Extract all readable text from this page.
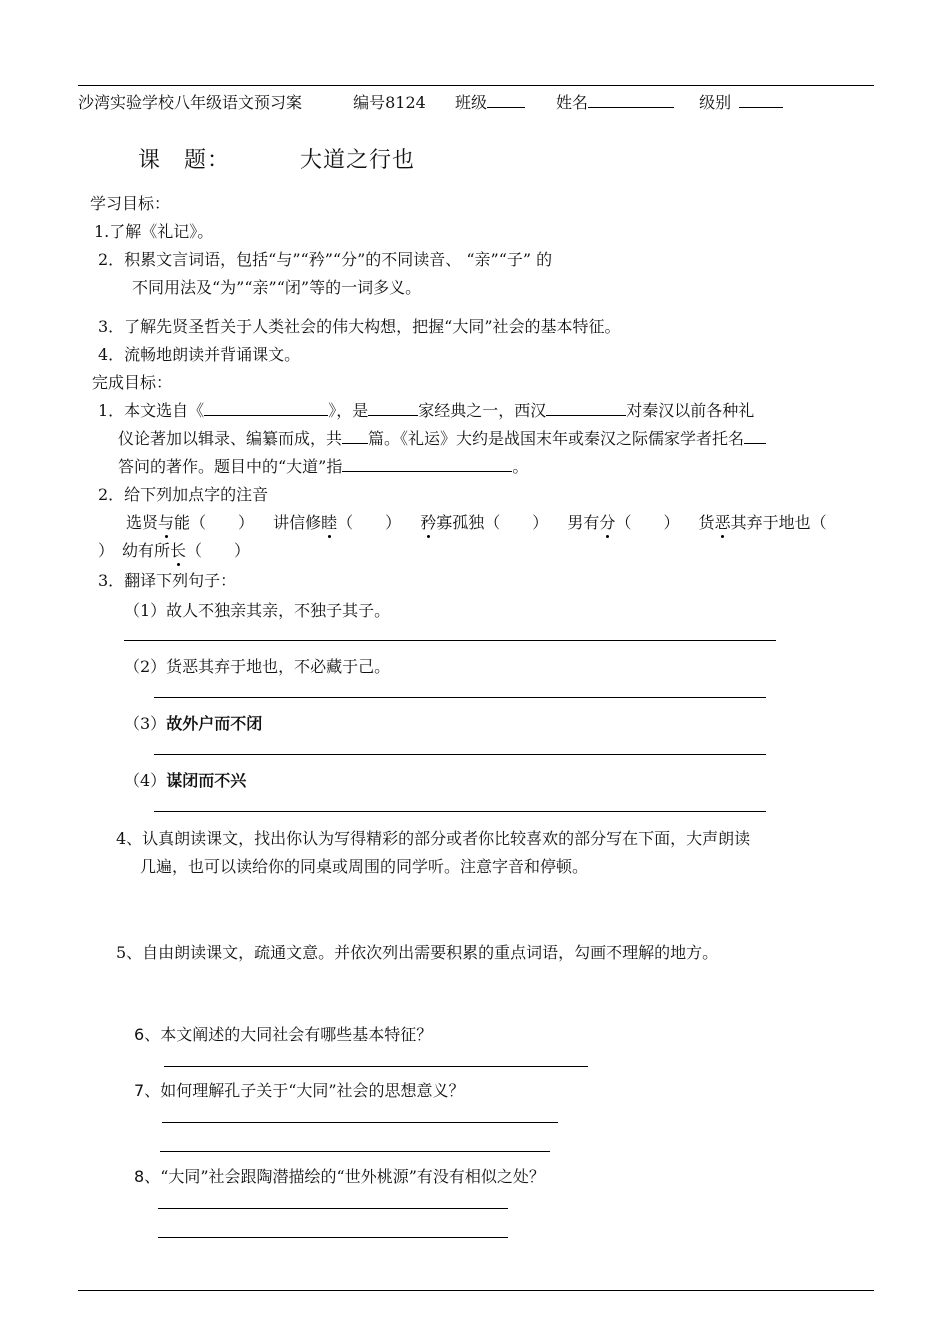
沙湾实验学校八年级语文预习案	编号8124 班级	姓名	级别
课　题：	大道之行也
学习目标：
1.了解《礼记》。
2．积累文言词语，包括“与”“矜”“分”的不同读音、 “亲”“子” 的
不同用法及“为”“亲”“闭”等的一词多义。
3．了解先贤圣哲关于人类社会的伟大构想，把握“大同”社会的基本特征。
4．流畅地朗读并背诵课文。
完成目标：
1．本文选自《	》，是	家经典之一，西汉	对秦汉以前各种礼
仪论著加以辑录、编纂而成，共 篇。《礼运》大约是战国末年或秦汉之际儒家学者托名
答问的著作。题目中的“大道”指	。
2．给下列加点字的注音
选贤与能（　　） 讲信修睦（　　） 矜寡孤独（　　） 男有分（　　） 货恶其弃于地也（
）　幼有所长（　　）
3．翻译下列句子：
（1）故人不独亲其亲，不独子其子。
（2）货恶其弃于地也，不必藏于己。
（3）故外户而不闭
（4）谋闭而不兴
4、认真朗读课文，找出你认为写得精彩的部分或者你比较喜欢的部分写在下面，大声朗读
几遍，也可以读给你的同桌或周围的同学听。注意字音和停顿。
5、自由朗读课文，疏通文意。并依次列出需要积累的重点词语，勾画不理解的地方。
6、本文阐述的大同社会有哪些基本特征？
7、如何理解孔子关于“大同”社会的思想意义？
8、“大同”社会跟陶潜描绘的“世外桃源”有没有相似之处？
